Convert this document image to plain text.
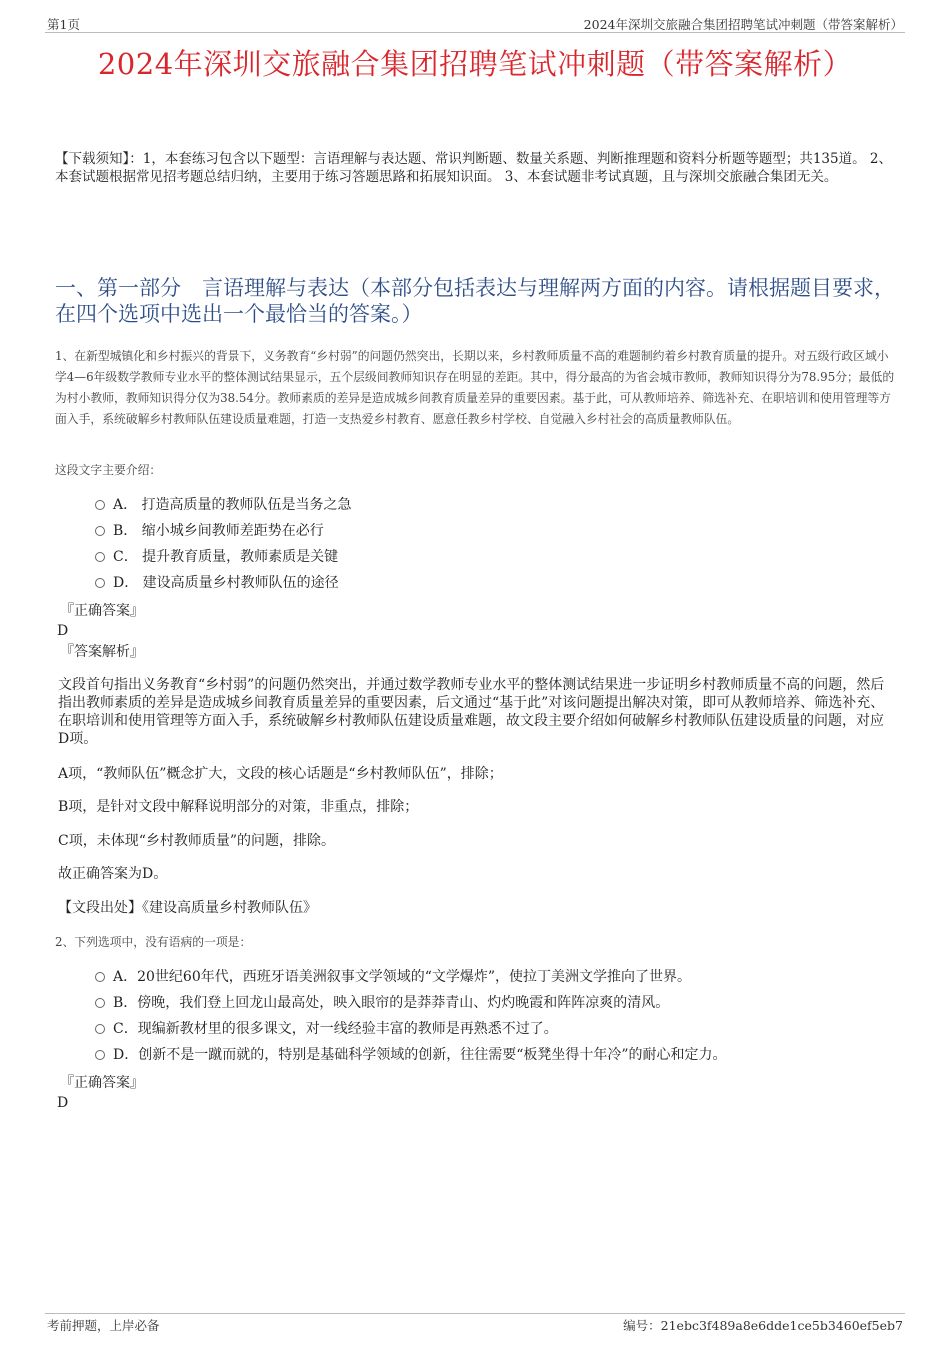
第1页	2024年深圳交旅融合集团招聘笔试冲刺题（带答案解析）
2024年深圳交旅融合集团招聘笔试冲刺题（带答案解析）
【下载须知】：1，本套练习包含以下题型：言语理解与表达题、常识判断题、数量关系题、判断推理题和资料分析题等题型；共135道。 2、本套试题根据常见招考题总结归纳，主要用于练习答题思路和拓展知识面。 3、本套试题非考试真题，且与深圳交旅融合集团无关。
一、第一部分　言语理解与表达（本部分包括表达与理解两方面的内容。请根据题目要求，在四个选项中选出一个最恰当的答案。）
1、在新型城镇化和乡村振兴的背景下，义务教育“乡村弱”的问题仍然突出，长期以来，乡村教师质量不高的难题制约着乡村教育质量的提升。对五级行政区域小学4—6年级数学教师专业水平的整体测试结果显示，五个层级间教师知识存在明显的差距。其中，得分最高的为省会城市教师，教师知识得分为78.95分；最低的为村小教师，教师知识得分仅为38.54分。教师素质的差异是造成城乡间教育质量差异的重要因素。基于此，可从教师培养、筛选补充、在职培训和使用管理等方面入手，系统破解乡村教师队伍建设质量难题，打造一支热爱乡村教育、愿意任教乡村学校、自觉融入乡村社会的高质量教师队伍。
这段文字主要介绍：
A． 打造高质量的教师队伍是当务之急
B． 缩小城乡间教师差距势在必行
C． 提升教育质量，教师素质是关键
D． 建设高质量乡村教师队伍的途径
『正确答案』
D
『答案解析』
文段首句指出义务教育“乡村弱”的问题仍然突出，并通过数学教师专业水平的整体测试结果进一步证明乡村教师质量不高的问题，然后指出教师素质的差异是造成城乡间教育质量差异的重要因素，后文通过“基于此”对该问题提出解决对策，即可从教师培养、筛选补充、在职培训和使用管理等方面入手，系统破解乡村教师队伍建设质量难题，故文段主要介绍如何破解乡村教师队伍建设质量的问题，对应D项。
A项，“教师队伍”概念扩大，文段的核心话题是“乡村教师队伍”，排除；
B项，是针对文段中解释说明部分的对策，非重点，排除；
C项，未体现“乡村教师质量”的问题，排除。
故正确答案为D。
【文段出处】《建设高质量乡村教师队伍》
2、下列选项中，没有语病的一项是：
A．20世纪60年代，西班牙语美洲叙事文学领域的“文学爆炸”，使拉丁美洲文学推向了世界。
B．傍晚，我们登上回龙山最高处，映入眼帘的是莽莽青山、灼灼晚霞和阵阵凉爽的清风。
C．现编新教材里的很多课文，对一线经验丰富的教师是再熟悉不过了。
D．创新不是一蹴而就的，特别是基础科学领域的创新，往往需要“板凳坐得十年冷”的耐心和定力。
『正确答案』
D
考前押题，上岸必备	编号：21ebc3f489a8e6dde1ce5b3460ef5eb7
